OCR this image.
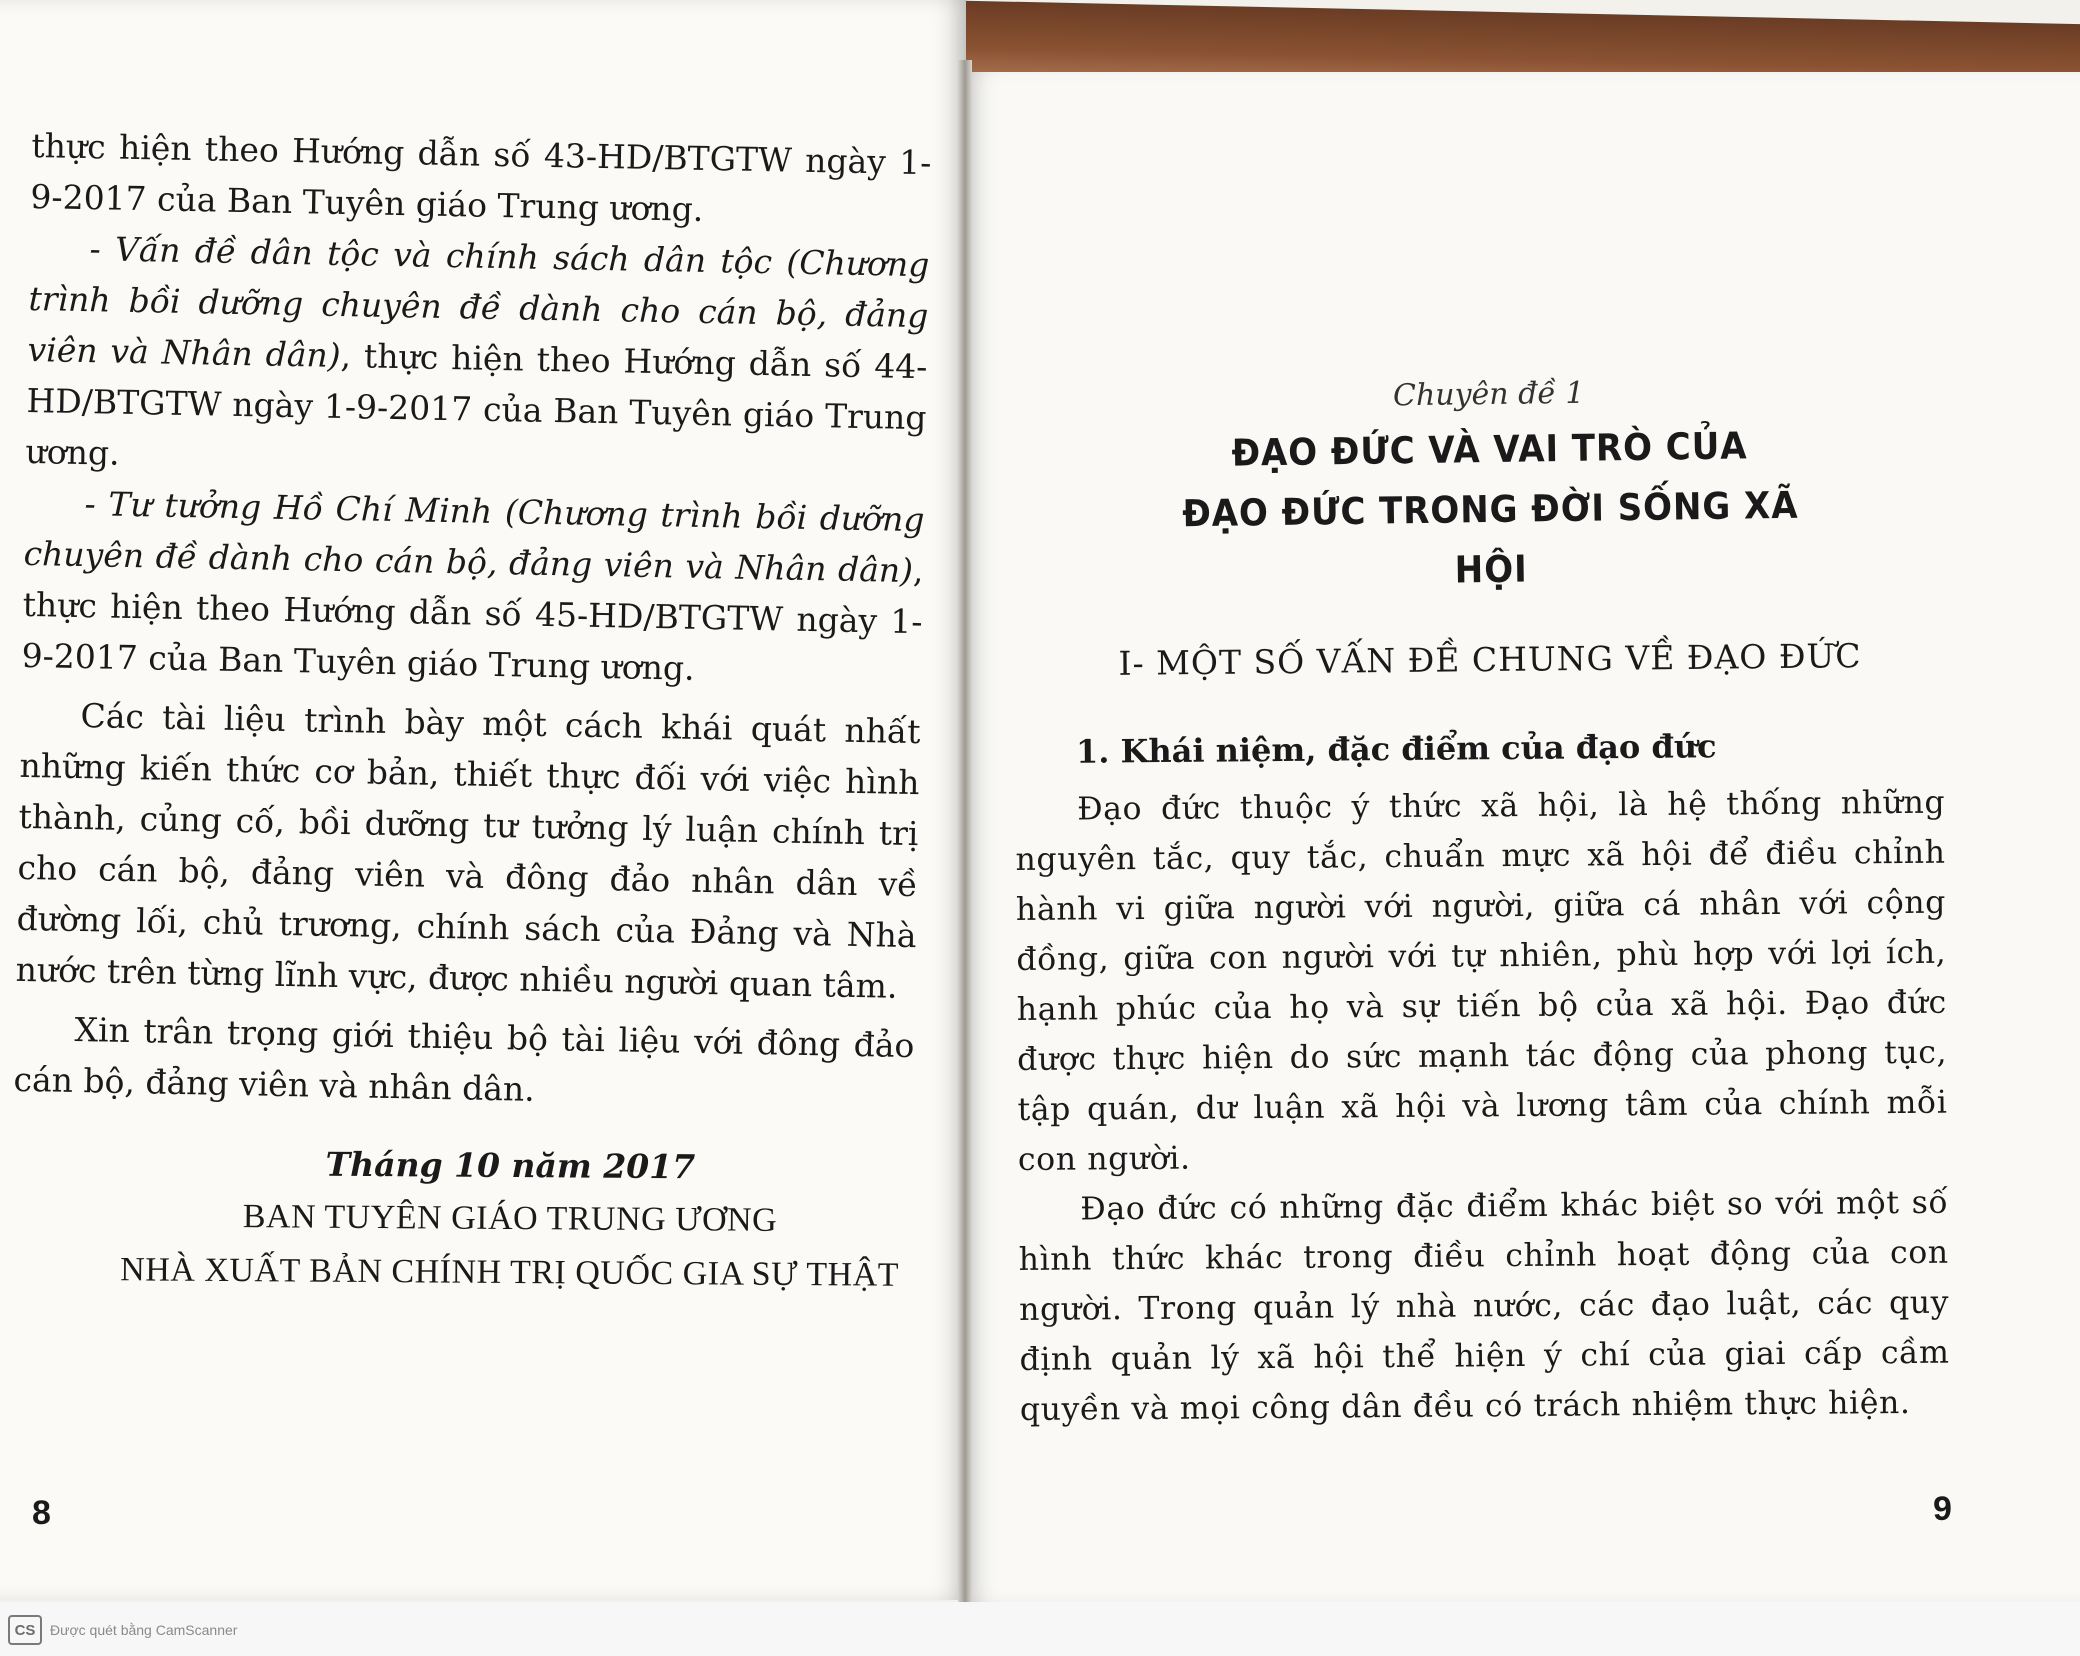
thực hiện theo Hướng dẫn số 43-HD/BTGTW ngày 1-9-2017 của Ban Tuyên giáo Trung ương.

- Vấn đề dân tộc và chính sách dân tộc (Chương trình bồi dưỡng chuyên đề dành cho cán bộ, đảng viên và Nhân dân), thực hiện theo Hướng dẫn số 44-HD/BTGTW ngày 1-9-2017 của Ban Tuyên giáo Trung ương.

- Tư tưởng Hồ Chí Minh (Chương trình bồi dưỡng chuyên đề dành cho cán bộ, đảng viên và Nhân dân), thực hiện theo Hướng dẫn số 45-HD/BTGTW ngày 1-9-2017 của Ban Tuyên giáo Trung ương.

Các tài liệu trình bày một cách khái quát nhất những kiến thức cơ bản, thiết thực đối với việc hình thành, củng cố, bồi dưỡng tư tưởng lý luận chính trị cho cán bộ, đảng viên và đông đảo nhân dân về đường lối, chủ trương, chính sách của Đảng và Nhà nước trên từng lĩnh vực, được nhiều người quan tâm.

Xin trân trọng giới thiệu bộ tài liệu với đông đảo cán bộ, đảng viên và nhân dân.

Tháng 10 năm 2017
BAN TUYÊN GIÁO TRUNG ƯƠNG
NHÀ XUẤT BẢN CHÍNH TRỊ QUỐC GIA SỰ THẬT
8
Chuyên đề 1
ĐẠO ĐỨC VÀ VAI TRÒ CỦA
ĐẠO ĐỨC TRONG ĐỜI SỐNG XÃ HỘI
I- MỘT SỐ VẤN ĐỀ CHUNG VỀ ĐẠO ĐỨC
1. Khái niệm, đặc điểm của đạo đức

Đạo đức thuộc ý thức xã hội, là hệ thống những nguyên tắc, quy tắc, chuẩn mực xã hội để điều chỉnh hành vi giữa người với người, giữa cá nhân với cộng đồng, giữa con người với tự nhiên, phù hợp với lợi ích, hạnh phúc của họ và sự tiến bộ của xã hội. Đạo đức được thực hiện do sức mạnh tác động của phong tục, tập quán, dư luận xã hội và lương tâm của chính mỗi con người.

Đạo đức có những đặc điểm khác biệt so với một số hình thức khác trong điều chỉnh hoạt động của con người. Trong quản lý nhà nước, các đạo luật, các quy định quản lý xã hội thể hiện ý chí của giai cấp cầm quyền và mọi công dân đều có trách nhiệm thực hiện.

9
CS	Được quét bằng CamScanner
